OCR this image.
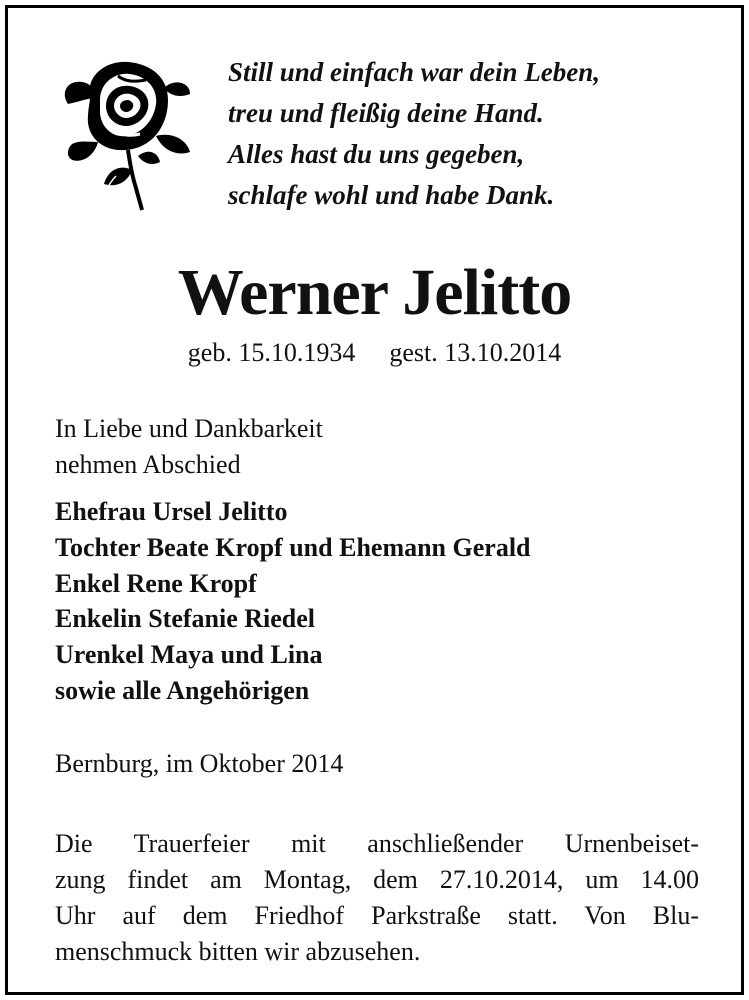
Still und einfach war dein Leben,
treu und fleißig deine Hand.
Alles hast du uns gegeben,
schlafe wohl und habe Dank.
Werner Jelitto
geb. 15.10.1934 gest. 13.10.2014
In Liebe und Dankbarkeit
nehmen Abschied
Ehefrau Ursel Jelitto
Tochter Beate Kropf und Ehemann Gerald
Enkel Rene Kropf
Enkelin Stefanie Riedel
Urenkel Maya und Lina
sowie alle Angehörigen
Bernburg, im Oktober 2014
Die Trauerfeier mit anschließender Urnenbeiset-
zung findet am Montag, dem 27.10.2014, um 14.00
Uhr auf dem Friedhof Parkstraße statt. Von Blu-
menschmuck bitten wir abzusehen.
